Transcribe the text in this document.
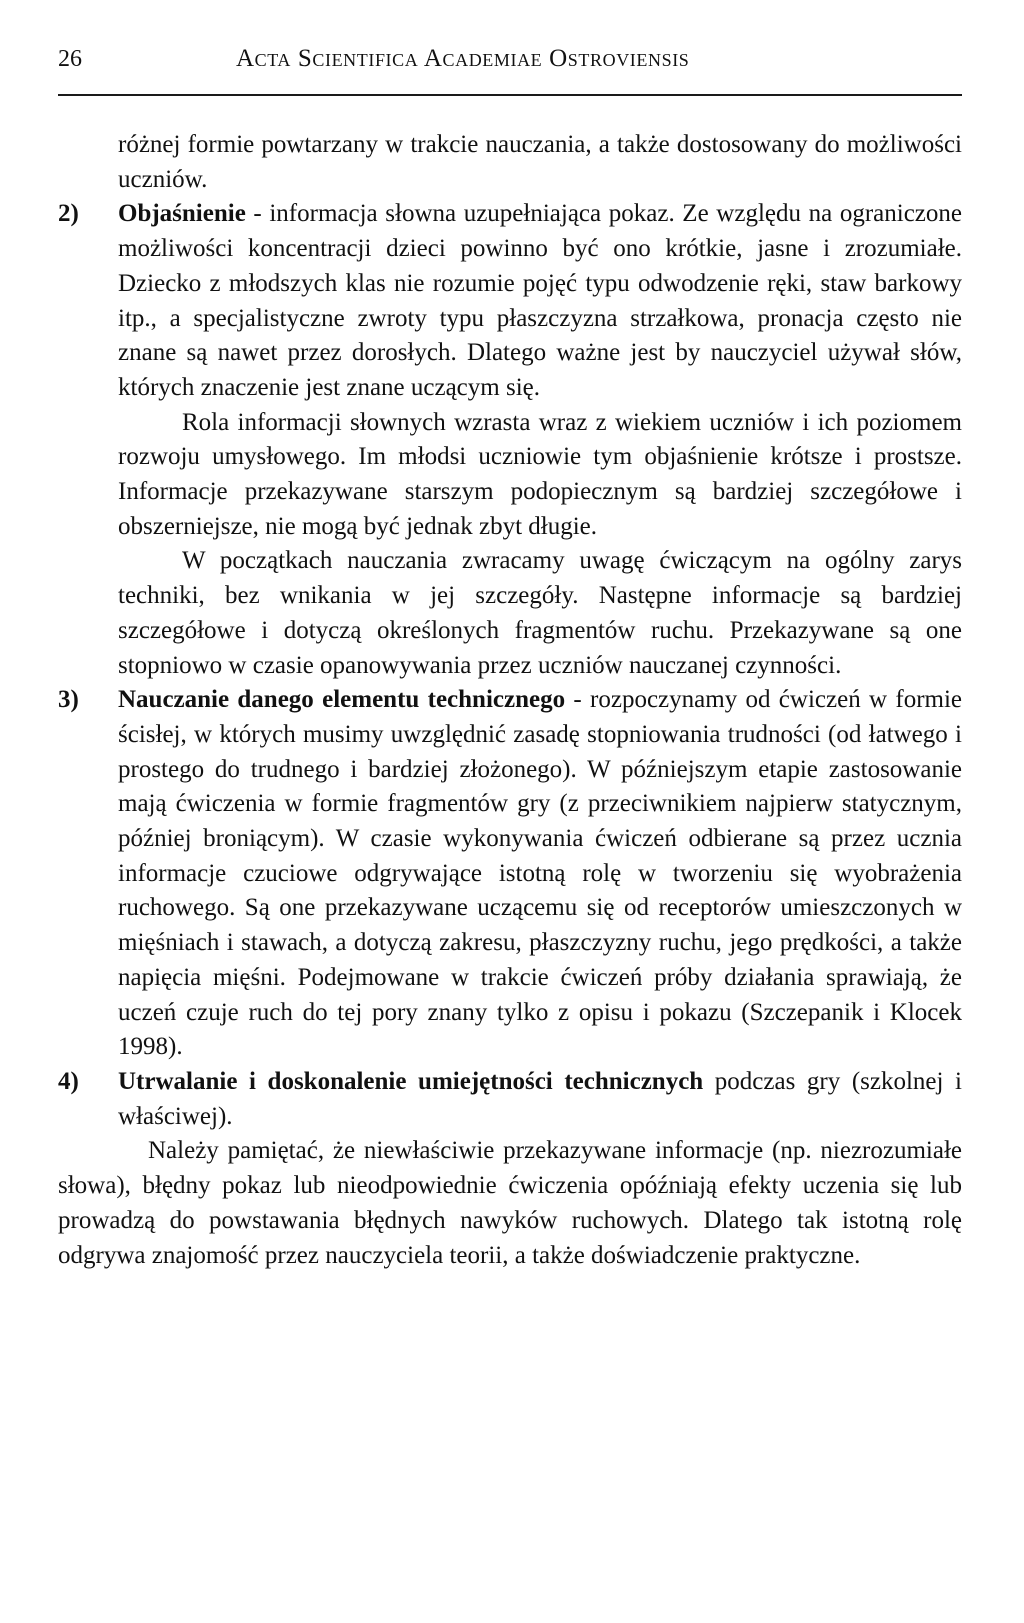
26	Acta Scientifica Academiae Ostroviensis

różnej formie powtarzany w trakcie nauczania, a także dostosowany do możliwości uczniów.

2) Objaśnienie - informacja słowna uzupełniająca pokaz. Ze względu na ograniczone możliwości koncentracji dzieci powinno być ono krótkie, jasne i zrozumiałe. Dziecko z młodszych klas nie rozumie pojęć typu odwodzenie ręki, staw barkowy itp., a specjalistyczne zwroty typu płaszczyzna strzałkowa, pronacja często nie znane są nawet przez dorosłych. Dlatego ważne jest by nauczyciel używał słów, których znaczenie jest znane uczącym się.

Rola informacji słownych wzrasta wraz z wiekiem uczniów i ich poziomem rozwoju umysłowego. Im młodsi uczniowie tym objaśnienie krótsze i prostsze. Informacje przekazywane starszym podopiecznym są bardziej szczegółowe i obszerniejsze, nie mogą być jednak zbyt długie.

W początkach nauczania zwracamy uwagę ćwiczącym na ogólny zarys techniki, bez wnikania w jej szczegóły. Następne informacje są bardziej szczegółowe i dotyczą określonych fragmentów ruchu. Przekazywane są one stopniowo w czasie opanowywania przez uczniów nauczanej czynności.

3) Nauczanie danego elementu technicznego - rozpoczynamy od ćwiczeń w formie ścisłej, w których musimy uwzględnić zasadę stopniowania trudności (od łatwego i prostego do trudnego i bardziej złożonego). W późniejszym etapie zastosowanie mają ćwiczenia w formie fragmentów gry (z przeciwnikiem najpierw statycznym, później broniącym). W czasie wykonywania ćwiczeń odbierane są przez ucznia informacje czuciowe odgrywające istotną rolę w tworzeniu się wyobrażenia ruchowego. Są one przekazywane uczącemu się od receptorów umieszczonych w mięśniach i stawach, a dotyczą zakresu, płaszczyzny ruchu, jego prędkości, a także napięcia mięśni. Podejmowane w trakcie ćwiczeń próby działania sprawiają, że uczeń czuje ruch do tej pory znany tylko z opisu i pokazu (Szczepanik i Klocek 1998).

4) Utrwalanie i doskonalenie umiejętności technicznych podczas gry (szkolnej i właściwej).

Należy pamiętać, że niewłaściwie przekazywane informacje (np. niezrozumiałe słowa), błędny pokaz lub nieodpowiednie ćwiczenia opóźniają efekty uczenia się lub prowadzą do powstawania błędnych nawyków ruchowych. Dlatego tak istotną rolę odgrywa znajomość przez nauczyciela teorii, a także doświadczenie praktyczne.
